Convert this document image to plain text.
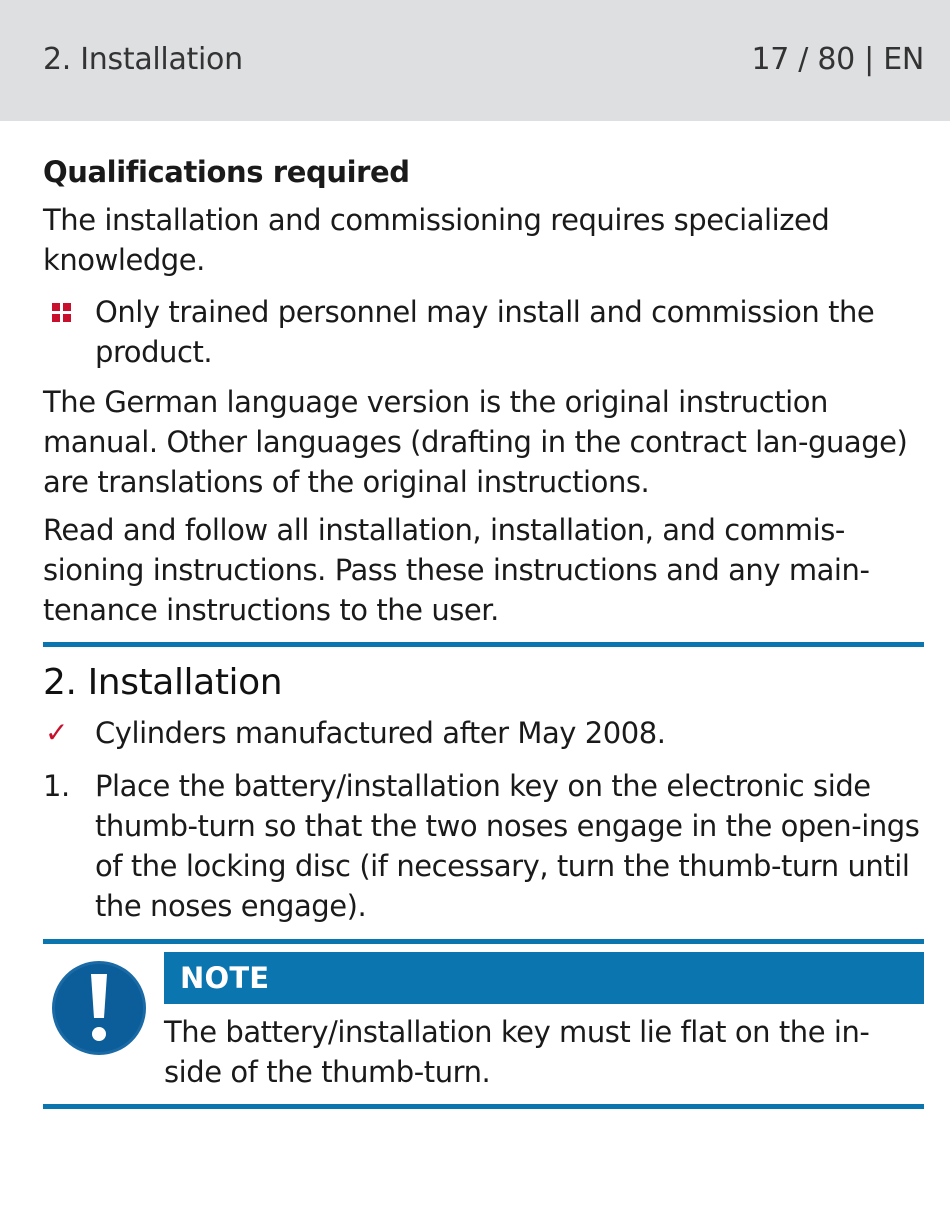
2. Installation	17 / 80 | EN
Qualifications required

The installation and commissioning requires specialized knowledge.

Only trained personnel may install and commission the product.

The German language version is the original instruction manual. Other languages (drafting in the contract lan-guage) are translations of the original instructions.

Read and follow all installation, installation, and commis-sioning instructions. Pass these instructions and any main-tenance instructions to the user.

2. Installation
✓ Cylinders manufactured after May 2008.
1. Place the battery/installation key on the electronic side thumb-turn so that the two noses engage in the open-ings of the locking disc (if necessary, turn the thumb-turn until the noses engage).
NOTE
The battery/installation key must lie flat on the in-side of the thumb-turn.
